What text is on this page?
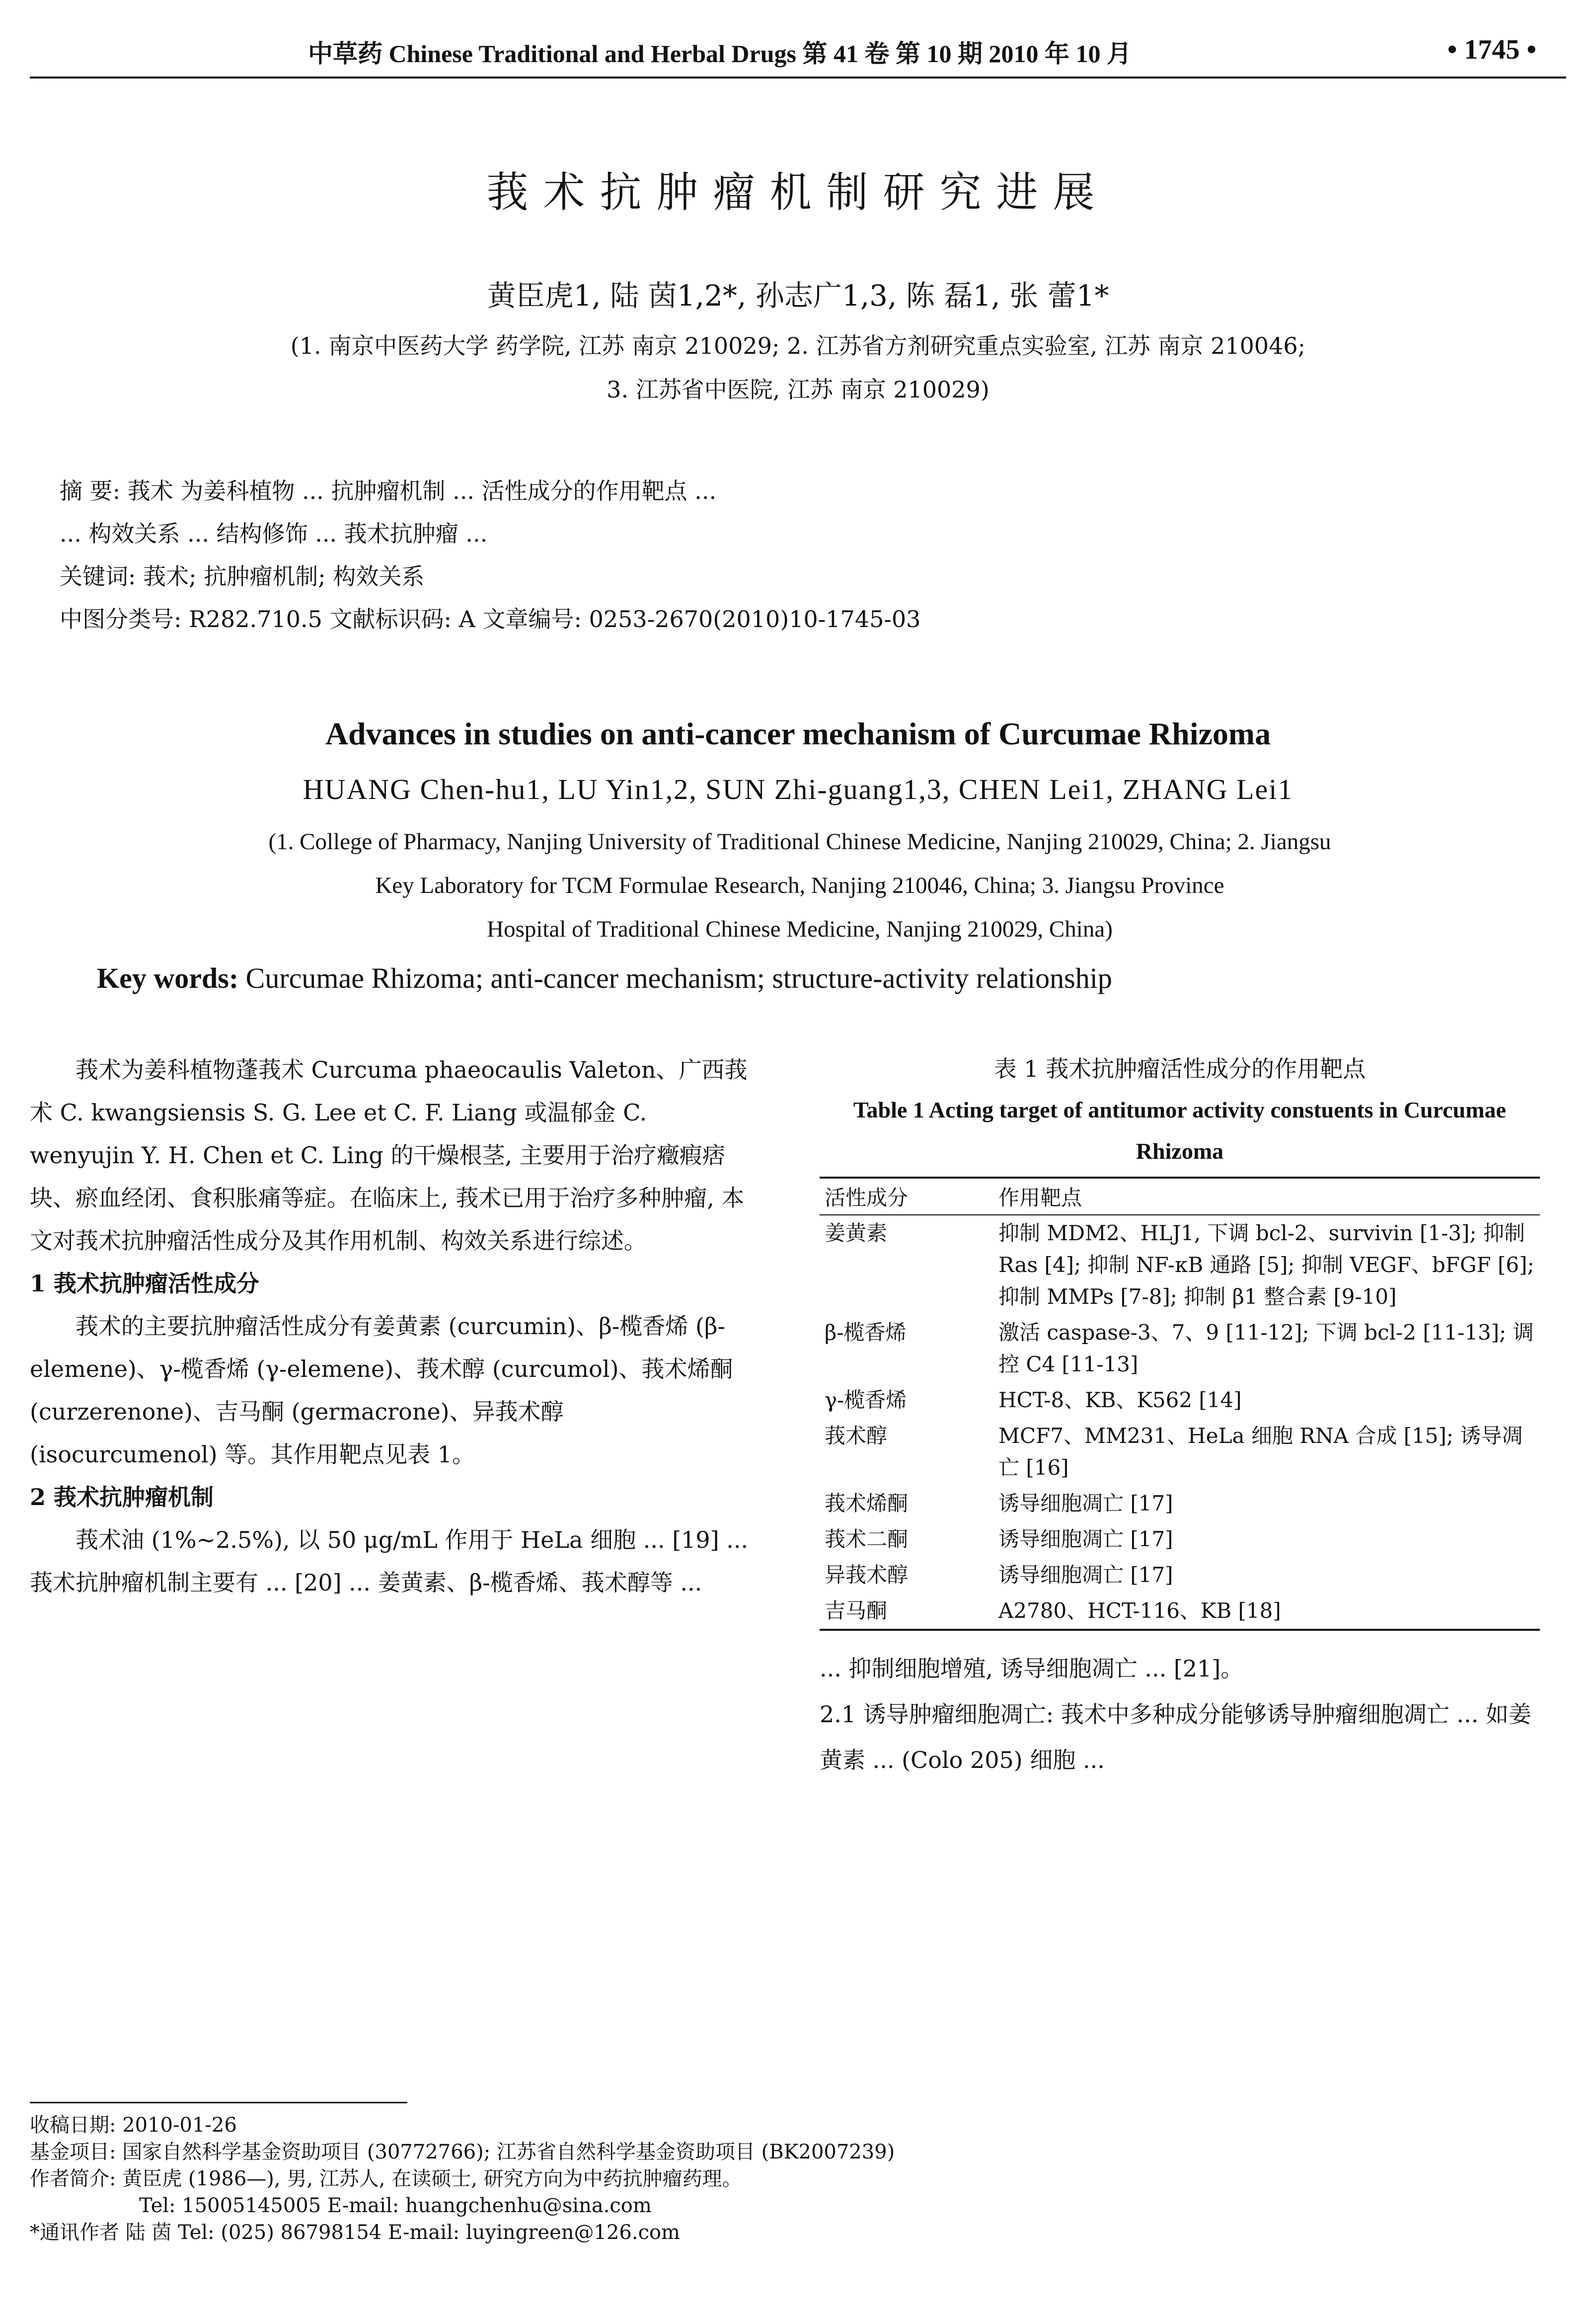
中草药 Chinese Traditional and Herbal Drugs 第 41 卷 第 10 期 2010 年 10 月	• 1745 •
莪术抗肿瘤机制研究进展
黄臣虎1, 陆 茵1,2*, 孙志广1,3, 陈 磊1, 张 蕾1*
(1. 南京中医药大学 药学院, 江苏 南京 210029; 2. 江苏省方剂研究重点实验室, 江苏 南京 210046;
3. 江苏省中医院, 江苏 南京 210029)
摘 要: 莪术 为姜科植物 ... 抗肿瘤机制 ... 活性成分的作用靶点 ...
... 构效关系 ... 结构修饰 ... 莪术抗肿瘤 ...
关键词: 莪术; 抗肿瘤机制; 构效关系
中图分类号: R282.710.5 文献标识码: A 文章编号: 0253-2670(2010)10-1745-03
Advances in studies on anti-cancer mechanism of Curcumae Rhizoma
HUANG Chen-hu1, LU Yin1,2, SUN Zhi-guang1,3, CHEN Lei1, ZHANG Lei1
(1. College of Pharmacy, Nanjing University of Traditional Chinese Medicine, Nanjing 210029, China; 2. Jiangsu
Key Laboratory for TCM Formulae Research, Nanjing 210046, China; 3. Jiangsu Province
Hospital of Traditional Chinese Medicine, Nanjing 210029, China)
Key words: Curcumae Rhizoma; anti-cancer mechanism; structure-activity relationship

莪术为姜科植物蓬莪术 Curcuma phaeocaulis Valeton、广西莪术 C. kwangsiensis S. G. Lee et C. F. Liang 或温郁金 C. wenyujin Y. H. Chen et C. Ling 的干燥根茎, 主要用于治疗癥瘕痞块、瘀血经闭、食积胀痛等症。在临床上, 莪术已用于治疗多种肿瘤, 本文对莪术抗肿瘤活性成分及其作用机制、构效关系进行综述。

1 莪术抗肿瘤活性成分

莪术的主要抗肿瘤活性成分有姜黄素 (curcumin)、β-榄香烯 (β-elemene)、γ-榄香烯 (γ-elemene)、莪术醇 (curcumol)、莪术烯酮 (curzerenone)、吉马酮 (germacrone)、异莪术醇 (isocurcumenol) 等。其作用靶点见表 1。

2 莪术抗肿瘤机制

莪术油 (1%~2.5%), 以 50 μg/mL 作用于 HeLa 细胞 ... [19] ... 莪术抗肿瘤机制主要有 ... [20] ... 姜黄素、β-榄香烯、莪术醇等 ...

表 1 莪术抗肿瘤活性成分的作用靶点
Table 1 Acting target of antitumor activity constuents in Curcumae Rhizoma
活性成分	作用靶点
姜黄素	抑制 MDM2、HLJ1, 下调 bcl-2、survivin [1-3]; 抑制 Ras [4]; 抑制 NF-κB 通路 [5]; 抑制 VEGF、bFGF [6]; 抑制 MMPs [7-8]; 抑制 β1 整合素 [9-10]
β-榄香烯	激活 caspase-3、7、9 [11-12]; 下调 bcl-2 [11-13]; 调控 C4 [11-13]
γ-榄香烯	HCT-8、KB、K562 [14]
莪术醇	MCF7、MM231、HeLa 细胞 RNA 合成 [15]; 诱导凋亡 [16]
莪术烯酮	诱导细胞凋亡 [17]
莪术二酮	诱导细胞凋亡 [17]
异莪术醇	诱导细胞凋亡 [17]
吉马酮	A2780、HCT-116、KB [18]
... 抑制细胞增殖, 诱导细胞凋亡 ... [21]。
2.1 诱导肿瘤细胞凋亡: 莪术中多种成分能够诱导肿瘤细胞凋亡 ... 如姜黄素 ... (Colo 205) 细胞 ...
收稿日期: 2010-01-26
基金项目: 国家自然科学基金资助项目 (30772766); 江苏省自然科学基金资助项目 (BK2007239)
作者简介: 黄臣虎 (1986—), 男, 江苏人, 在读硕士, 研究方向为中药抗肿瘤药理。
Tel: 15005145005 E-mail: huangchenhu@sina.com
*通讯作者 陆 茵 Tel: (025) 86798154 E-mail: luyingreen@126.com
